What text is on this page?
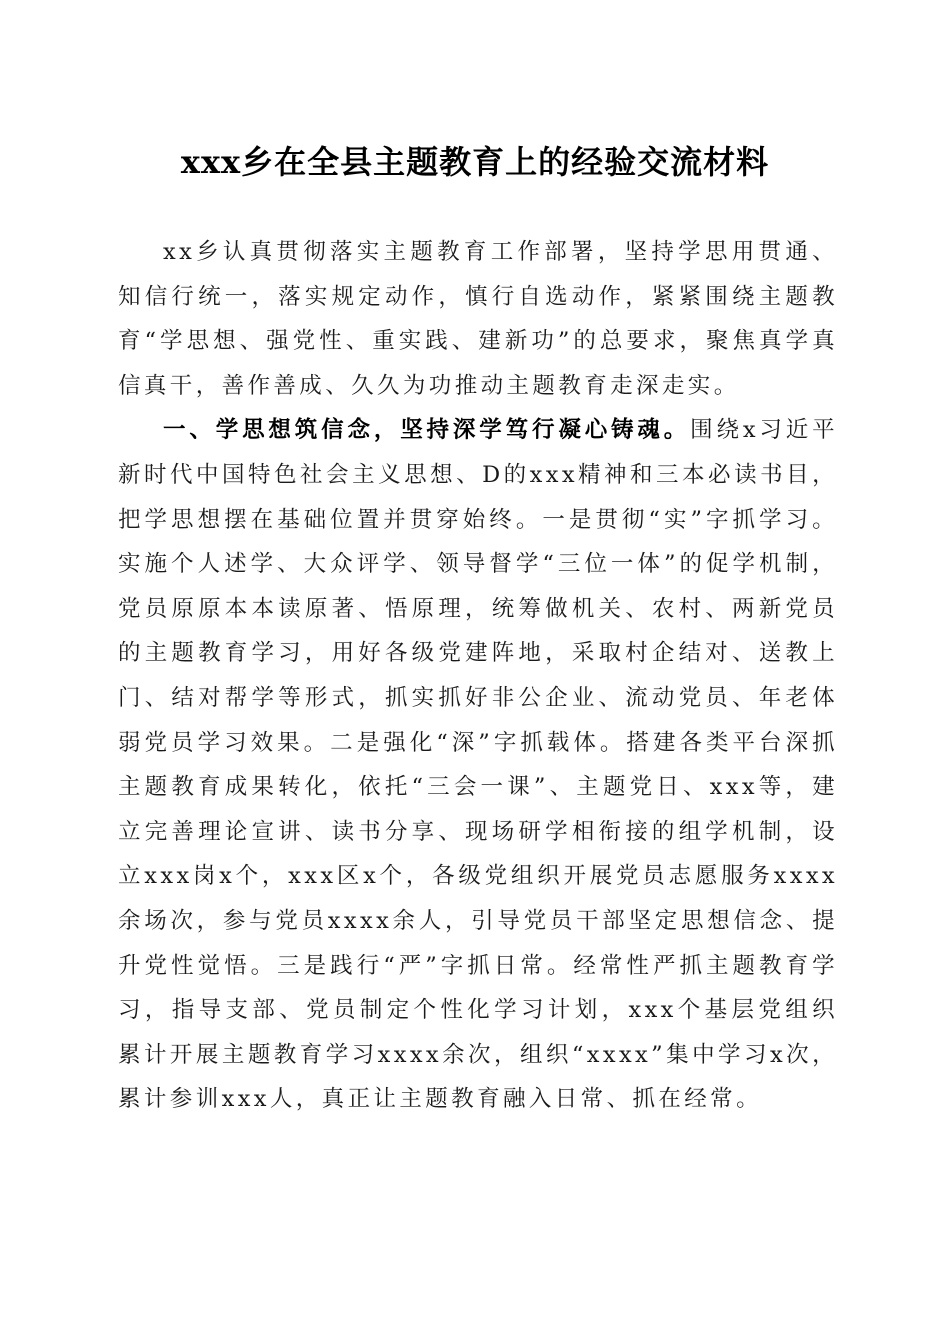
xxx乡在全县主题教育上的经验交流材料

xx乡认真贯彻落实主题教育工作部署，坚持学思用贯通、知信行统一，落实规定动作，慎行自选动作，紧紧围绕主题教育“学思想、强党性、重实践、建新功”的总要求，聚焦真学真信真干，善作善成、久久为功推动主题教育走深走实。

一、学思想筑信念，坚持深学笃行凝心铸魂。围绕x习近平新时代中国特色社会主义思想、D的xxx精神和三本必读书目，把学思想摆在基础位置并贯穿始终。一是贯彻“实”字抓学习。实施个人述学、大众评学、领导督学“三位一体”的促学机制，党员原原本本读原著、悟原理，统筹做机关、农村、两新党员的主题教育学习，用好各级党建阵地，采取村企结对、送教上门、结对帮学等形式，抓实抓好非公企业、流动党员、年老体弱党员学习效果。二是强化“深”字抓载体。搭建各类平台深抓主题教育成果转化，依托“三会一课”、主题党日、xxx等，建立完善理论宣讲、读书分享、现场研学相衔接的组学机制，设立xxx岗x个，xxx区x个，各级党组织开展党员志愿服务xxxx余场次，参与党员xxxx余人，引导党员干部坚定思想信念、提升党性觉悟。三是践行“严”字抓日常。经常性严抓主题教育学习，指导支部、党员制定个性化学习计划，xxx个基层党组织累计开展主题教育学习xxxx余次，组织“xxxx”集中学习x次，累计参训xxx人，真正让主题教育融入日常、抓在经常。
